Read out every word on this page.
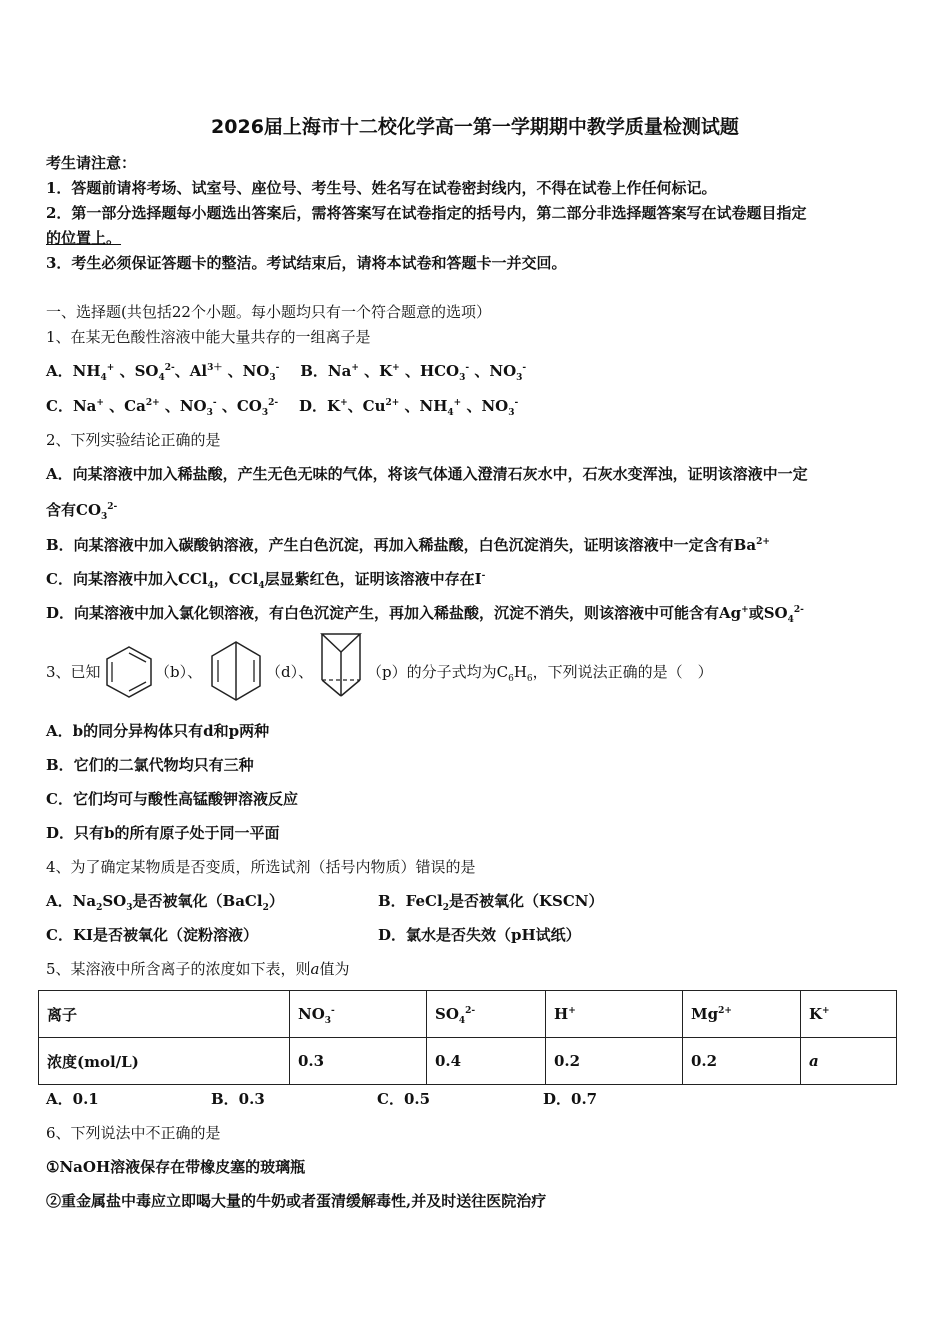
2026届上海市十二校化学高一第一学期期中教学质量检测试题
考生请注意：
1．答题前请将考场、试室号、座位号、考生号、姓名写在试卷密封线内，不得在试卷上作任何标记。
2．第一部分选择题每小题选出答案后，需将答案写在试卷指定的括号内，第二部分非选择题答案写在试卷题目指定
的位置上。
3．考生必须保证答题卡的整洁。考试结束后，请将本试卷和答题卡一并交回。
一、选择题(共包括22个小题。每小题均只有一个符合题意的选项）
1、在某无色酸性溶液中能大量共存的一组离子是
A．$NH_4^+$ 、$SO_4^{2-}$、$Al^{3+}$ 、$NO_3^-$ B．Na+ 、K+ 、$HCO_3^-$ 、$NO_3^-$
C．Na+ 、$Ca^{2+}$ 、$NO_3^-$ 、$CO_3^{2-}$ D．K+、$Cu^{2+}$ 、$NH_4^+$ 、$NO_3^-$
2、下列实验结论正确的是
A．向某溶液中加入稀盐酸，产生无色无味的气体，将该气体通入澄清石灰水中，石灰水变浑浊，证明该溶液中一定
含有$CO_3^{2-}$
B．向某溶液中加入碳酸钠溶液，产生白色沉淀，再加入稀盐酸，白色沉淀消失，证明该溶液中一定含有$Ba^{2+}$
C．向某溶液中加入CCl$_4$，CCl$_4$层显紫红色，证明该溶液中存在I-
D．向某溶液中加入氯化钡溶液，有白色沉淀产生，再加入稀盐酸，沉淀不消失，则该溶液中可能含有Ag+或$SO_4^{2-}$
3、已知	（b）、	（d）、	（p）的分子式均为$C_6H_6$，下列说法正确的是（　）
A．b的同分异构体只有d和p两种
B．它们的二氯代物均只有三种
C．它们均可与酸性高锰酸钾溶液反应
D．只有b的所有原子处于同一平面
4、为了确定某物质是否变质，所选试剂（括号内物质）错误的是
A．$Na_2SO_3$是否被氧化（BaCl$_2$）	B．FeCl$_2$是否被氧化（KSCN）
C．KI是否被氧化（淀粉溶液）	D．氯水是否失效（pH试纸）
5、某溶液中所含离子的浓度如下表，则a值为
离子	$NO_3^-$	$SO_4^{2-}$	H+	$Mg^{2+}$	K+
浓度(mol/L)	0.3	0.4	0.2	0.2	a
A．0.1	B．0.3	C．0.5	D．0.7
6、下列说法中不正确的是
①NaOH溶液保存在带橡皮塞的玻璃瓶
②重金属盐中毒应立即喝大量的牛奶或者蛋清缓解毒性,并及时送往医院治疗
